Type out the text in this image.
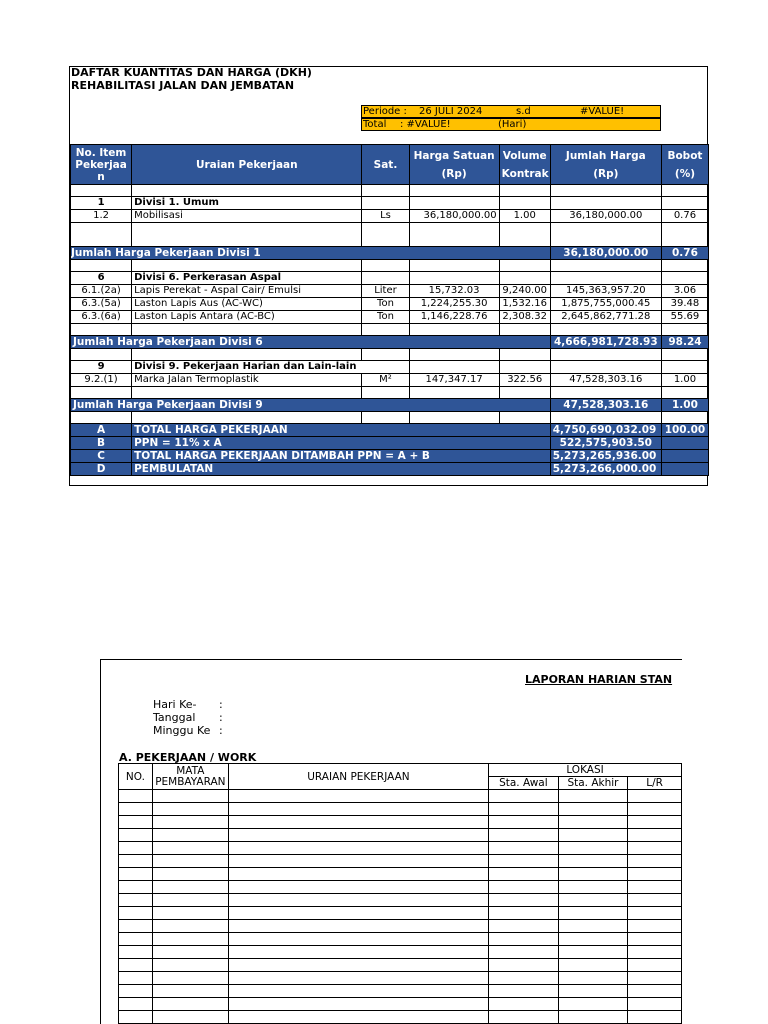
DAFTAR KUANTITAS DAN HARGA (DKH)
REHABILITASI JALAN DAN JEMBATAN
Periode : 26 JULI 2024	s.d	#VALUE!
Total : #VALUE!	(Hari)
No. Item Pekerjaa n	Uraian Pekerjaan	Sat.	Harga Satuan (Rp)	Volume Kontrak	Jumlah Harga (Rp)	Bobot (%)

1	Divisi 1. Umum					
1.2	Mobilisasi	Ls	36,180,000.00	1.00	36,180,000.00	0.76

Jumlah Harga Pekerjaan Divisi 1					36,180,000.00	0.76

6	Divisi 6. Perkerasan Aspal					
6.1.(2a)	Lapis Perekat - Aspal Cair/ Emulsi	Liter	15,732.03	9,240.00	145,363,957.20	3.06
6.3.(5a)	Laston Lapis Aus (AC-WC)	Ton	1,224,255.30	1,532.16	1,875,755,000.45	39.48
6.3.(6a)	Laston Lapis Antara (AC-BC)	Ton	1,146,228.76	2,308.32	2,645,862,771.28	55.69

Jumlah Harga Pekerjaan Divisi 6					4,666,981,728.93	98.24

9	Divisi 9. Pekerjaan Harian dan Lain-lain					
9.2.(1)	Marka Jalan Termoplastik	M²	147,347.17	322.56	47,528,303.16	1.00

Jumlah Harga Pekerjaan Divisi 9					47,528,303.16	1.00

A	TOTAL HARGA PEKERJAAN				4,750,690,032.09	100.00
B	PPN = 11% x A				522,575,903.50	
C	TOTAL HARGA PEKERJAAN DITAMBAH PPN = A + B				5,273,265,936.00	
D	PEMBULATAN				5,273,266,000.00	
LAPORAN HARIAN STAN
Hari Ke- :
Tanggal :
Minggu Ke :
A. PEKERJAAN / WORK
NO.	MATA PEMBAYARAN	URAIAN PEKERJAAN	LOKASI		
			Sta. Awal	Sta. Akhir	L/R
